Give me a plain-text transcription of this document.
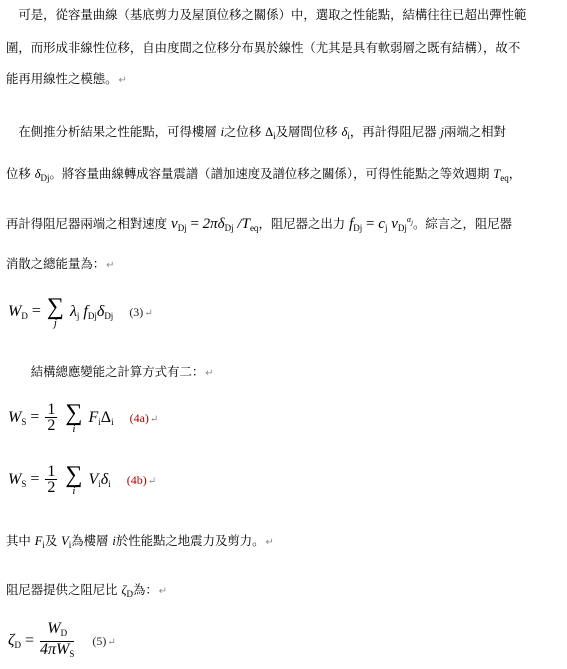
　可是，從容量曲線（基底剪力及屋頂位移之關係）中，選取之性能點，結構往往已超出彈性範
圍，而形成非線性位移，自由度間之位移分布異於線性（尤其是具有軟弱層之既有結構），故不
能再用線性之模態。↵
　在側推分析結果之性能點，可得樓層 i之位移 $\Delta_i$及層間位移 $\delta_i$，再計得阻尼器 j兩端之相對
位移 $\delta_{Dj}$。將容量曲線轉成容量震譜（譜加速度及譜位移之關係），可得性能點之等效週期 $T_{eq}$，
再計得阻尼器兩端之相對速度 $v_{Dj} = 2\pi\delta_{Dj}$ $/T_{eq}$，阻尼器之出力 $f_{Dj} = c_j$ $v_{Dj}^{\alpha_j}$。綜言之，阻尼器
消散之總能量為：↵
$W_D$ = ∑
j
$\lambda_j$ $f_{Dj}\delta_{Dj}$ (3)↵
　　結構總應變能之計算方式有二：↵
$W_S = \frac{1}{2}$
∑
i
$F_i\Delta_i$ (4a)↵
$W_S = \frac{1}{2}$
∑
i
$V_i\delta_i$ (4b)↵
其中 $F_i$及 $V_i$為樓層 i於性能點之地震力及剪力。↵
阻尼器提供之阻尼比 $\zeta_D$為：↵
$\zeta_D = \frac{W_D}{4\pi W_S}$ (5)↵
